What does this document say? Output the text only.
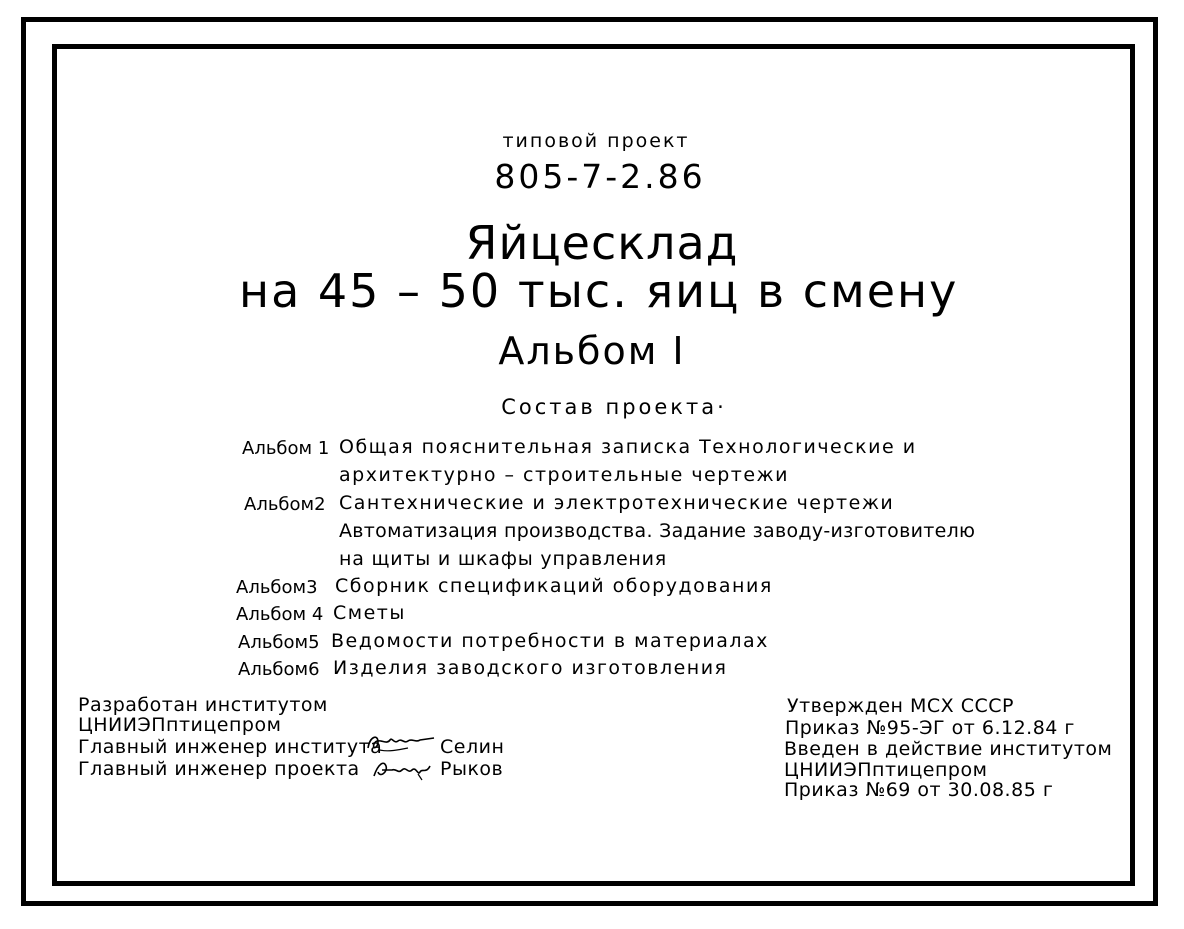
типовой проект
805-7-2.86
Яйцесклад
на 45 – 50 тыс. яиц в смену
Альбом I
Состав проекта·
Альбом 1 Общая пояснительная записка Технологические и
архитектурно – строительные чертежи
Альбом2 Сантехнические и электротехнические чертежи
Автоматизация производства. Задание заводу-изготовителю
на щиты и шкафы управления
Альбом3 Сборник спецификаций оборудования
Альбом 4 Сметы
Альбом5 Ведомости потребности в материалах
Альбом6 Изделия заводского изготовления
Разработан институтом
ЦНИИЭПптицепром
Главный инженер института	Селин
Главный инженер проекта	Рыков
Утвержден МСХ СССР
Приказ №95-ЭГ от 6.12.84 г
Введен в действие институтом
ЦНИИЭПптицепром
Приказ №69 от 30.08.85 г
